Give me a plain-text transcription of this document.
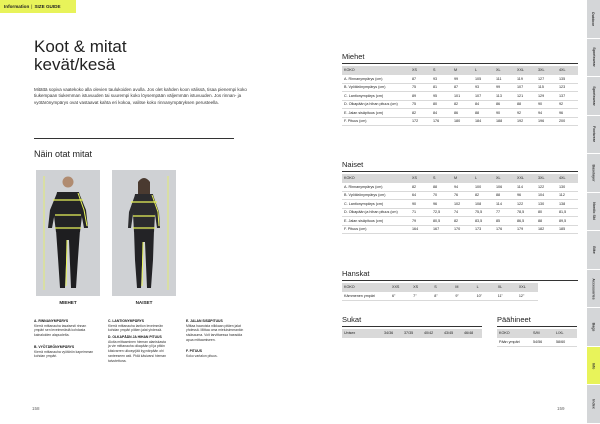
Information | SIZE GUIDE
Koot & mitat
kevät/kesä
Mitättä sopiva vaatekoko alla olevien taulukoiden avulla. Jos olet kahden koon välissä, tisaa pienempi koko tiukempaan tiukemman istuvuuden tai suurempi koko löysempään väljemmän istuvuuden. Jos rinnan- ja vyötärönympärys ovat vastaavat kahta eri kokoa, valitse koko rinnanympäryksen perusteella.
Näin otat mitat
MIEHET	NAISET
A. RINNANYMPÄRYS
Kierrä mittanauha tasaisesti rinnan ympäri sen leveimmästä kohdasta kainaloiden alapuolelta.
B. VYÖTÄRÖNYMPÄRYS
Kierrä mittanauha vyötärön kapeimman kohdan ympäri.
C. LANTIONYMPÄRYS
Kierrä mittanauha lantion leveimmän kohdan ympäri pitäen jalat yhdessä.
D. OLKAPÄÄN JA HIHAN PITUUS
Aloita mittaaminen hieman alaniskasta ja vie mittanauha olkapään yli ja pitkin käsivarren ulkosyrjää kyynärpään ohi ranteeseen asti. Pidä käsivarsi hieman taivutettuna.
E. JALAN SISÄPITUUS
Mittaa haaroista nilkkaan pitäen jalat yhdessä. Mittaa oma mieluisimmankin sisäsauma. Voit tarvittaessa haeadda apua mittaamiseen.
F. PITUUS
Koko vartalon pituus.
158
Miehet
KOKO	XS	S	M	L	XL	XXL	3XL	4XL
A. Rinnanympärys (cm)	87	93	99	105	111	119	127	135
B. Vyötärönympärys (cm)	75	81	87	93	99	107	115	123
C. Lantionympärys (cm)	89	95	101	107	113	121	129	137
D. Olkapään ja hihan pituus (cm)	75	80	82	84	86	88	90	92
E. Jalan sisäpituus (cm)	82	84	86	88	90	92	94	96
F. Pituus (cm)	172	176	180	184	188	192	196	200
Naiset
KOKO	XS	S	M	L	XL	XXL	3XL	4XL
A. Rinnanympärys (cm)	82	88	94	100	106	114	122	130
B. Vyötärönympärys (cm)	64	70	76	82	88	96	104	112
C. Lantionympärys (cm)	90	96	102	108	114	122	130	138
D. Olkapään ja hihan pituus (cm)	71	72,5	74	75,5	77	78,5	80	81,5
E. Jalan sisäpituus (cm)	79	80,5	82	83,5	85	86,5	88	89,5
F. Pituus (cm)	164	167	170	173	176	179	182	185
Hanskat
KOKO	XXS	XS	S	M	L	XL	XXL
Kämmenen ympäri	6"	7"	8"	9"	10"	11"	12"
Sukat
Unisex	34/36	37/35	40/42	43/45	46/48
Päähineet
KOKO	S/M	L/XL
Pään ympäri	54/56	58/60
159
Outdoor
Sportswear
Sportswear
Footwear
Baselayer
Nordic Ski
Bike
Accessories
Bags
Info
Index
